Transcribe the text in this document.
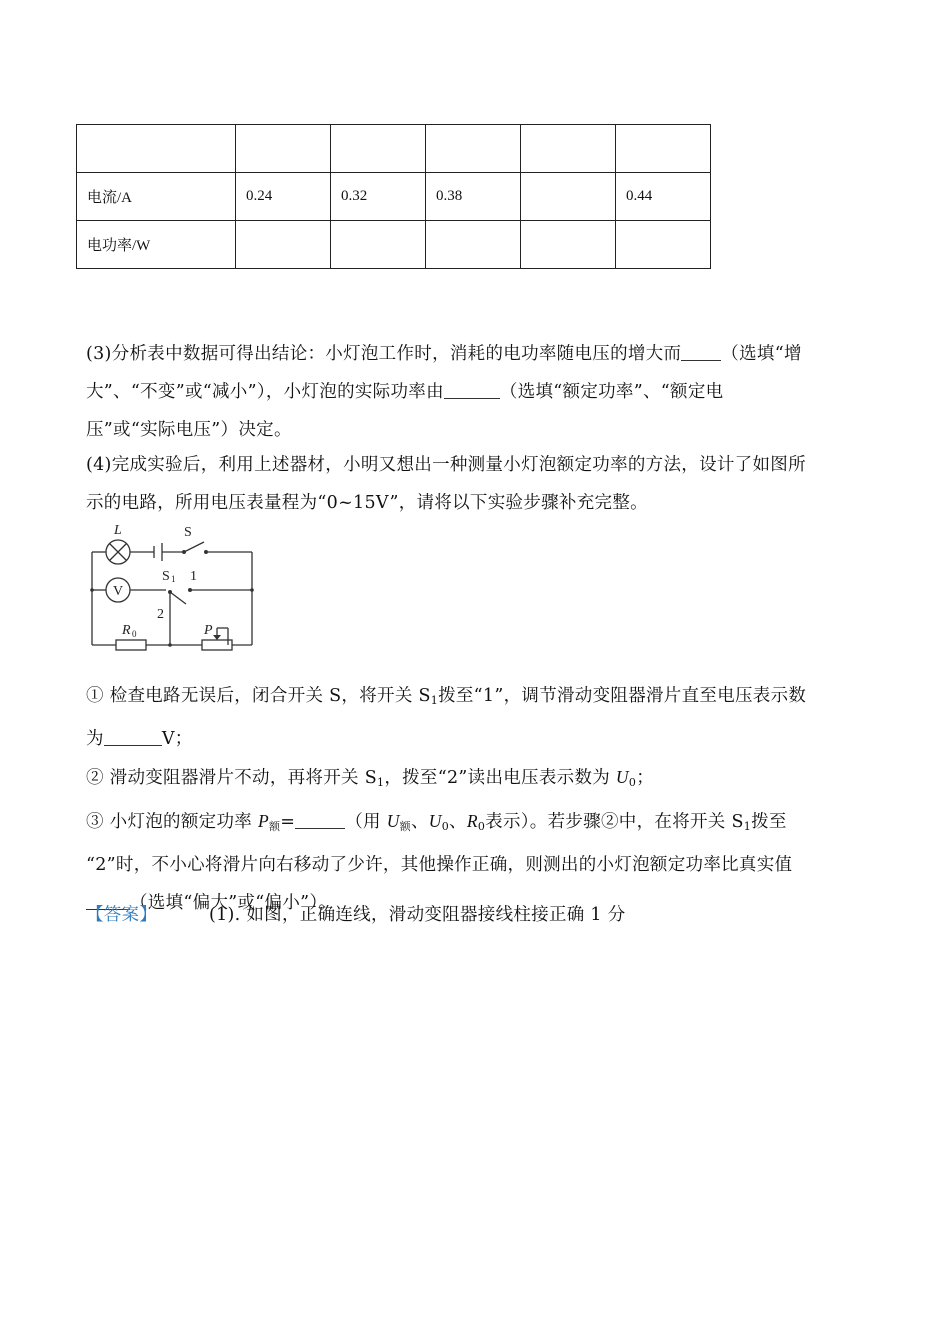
电流/A	0.24	0.32	0.38		0.44
电功率/W					
(3)分析表中数据可得出结论：小灯泡工作时，消耗的电功率随电压的增大而 （选填“增
大”、“不变”或“减小”），小灯泡的实际功率由	（选填“额定功率”、“额定电
压”或“实际电压”）决定。
(4)完成实验后，利用上述器材，小明又想出一种测量小灯泡额定功率的方法，设计了如图所
示的电路，所用电压表量程为“0~15V”，请将以下实验步骤补充完整。
V
L	S
S 1 1
2
R 0	P
① 检查电路无误后，闭合开关 S，将开关 S1拨至“1”，调节滑动变阻器滑片直至电压表示数
为	V；
② 滑动变阻器滑片不动，再将开关 S1，拨至“2”读出电压表示数为 $U_0$；
③ 小灯泡的额定功率 $P_额=$	（用 $U_额$、$U_0$、$R_0$表示）。若步骤②中，在将开关 S1拨至
“2”时，不小心将滑片向右移动了少许，其他操作正确，则测出的小灯泡额定功率比真实值
（选填“偏大”或“偏小”）。
【答案】	(1). 如图，正确连线，滑动变阻器接线柱接正确 1 分
